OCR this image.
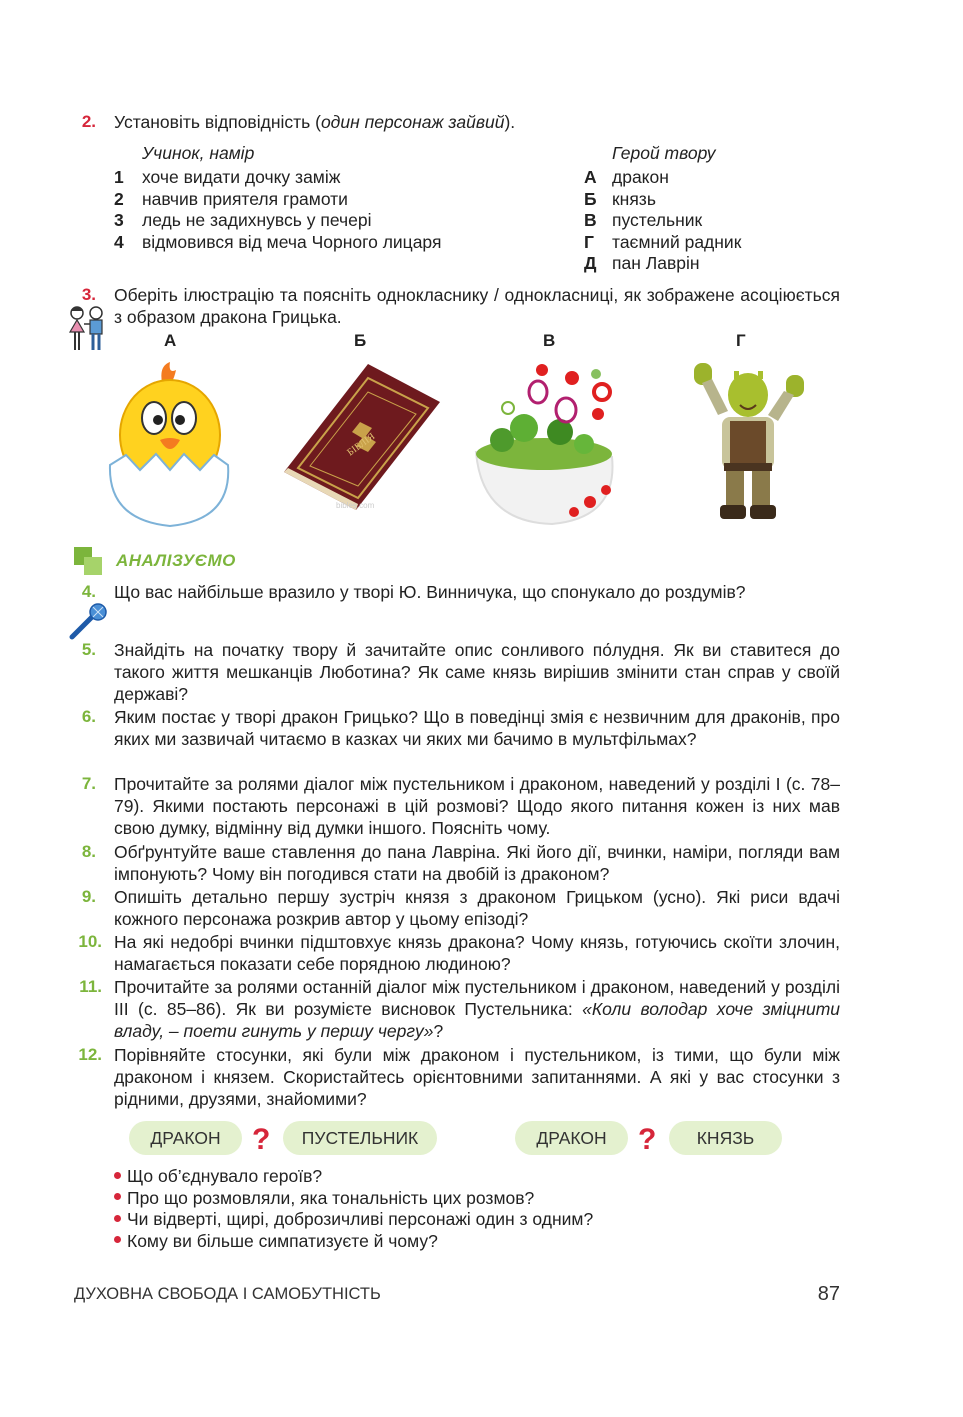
2. Установіть відповідність (один персонаж зайвий).
Учинок, намір	Герой твору
1 хоче видати дочку заміж
2 навчив приятеля грамоти
3 ледь не задихнувсь у печері
4 відмовився від меча Чорного лицаря
А дракон
Б князь
В пустельник
Г таємний радник
Д пан Лаврін
3. Оберіть ілюстрацію та поясніть однокласнику / однокласниці, як зображене асоціюється з образом дракона Грицька.
А	Б	В	Г
БІБЛІЯ
bibles.com
АНАЛІЗУЄМО
4. Що вас найбільше вразило у творі Ю. Винничука, що спонукало до роздумів?
5. Знайдіть на початку твору й зачитайте опис сонливого по́лудня. Як ви ставитеся до такого життя мешканців Люботина? Як саме князь вирішив змінити стан справ у своїй державі?
6. Яким постає у творі дракон Грицько? Що в поведінці змія є незвичним для драконів, про яких ми зазвичай читаємо в казках чи яких ми бачимо в мультфільмах?
7. Прочитайте за ролями діалог між пустельником і драконом, наведений у розділі І (с. 78–79). Якими постають персонажі в цій розмові? Щодо якого питання кожен із них мав свою думку, відмінну від думки іншого. Поясніть чому.
8. Обґрунтуйте ваше ставлення до пана Лавріна. Які його дії, вчинки, наміри, погляди вам імпонують? Чому він погодився стати на двобій із драконом?
9. Опишіть детально першу зустріч князя з драконом Грицьком (усно). Які риси вдачі кожного персонажа розкрив автор у цьому епізоді?
10. На які недобрі вчинки підштовхує князь дракона? Чому князь, готуючись скоїти злочин, намагається показати себе порядною людиною?
11. Прочитайте за ролями останній діалог між пустельником і драконом, наведений у розділі ІІІ (с. 85–86). Як ви розумієте висновок Пустельника: «Коли володар хоче зміцнити владу, – поети гинуть у першу чергу»?
12. Порівняйте стосунки, які були між драконом і пустельником, із тими, що були між драконом і князем. Скористайтесь орієнтовними запитаннями. А які у вас стосунки з рідними, друзями, знайомими?
ДРАКОН	?	ПУСТЕЛЬНИК	ДРАКОН	?	КНЯЗЬ
Що об’єднувало героїв?
Про що розмовляли, яка тональність цих розмов?
Чи відверті, щирі, доброзичливі персонажі один з одним?
Кому ви більше симпатизуєте й чому?
ДУХОВНА СВОБОДА І САМОБУТНІСТЬ	87
